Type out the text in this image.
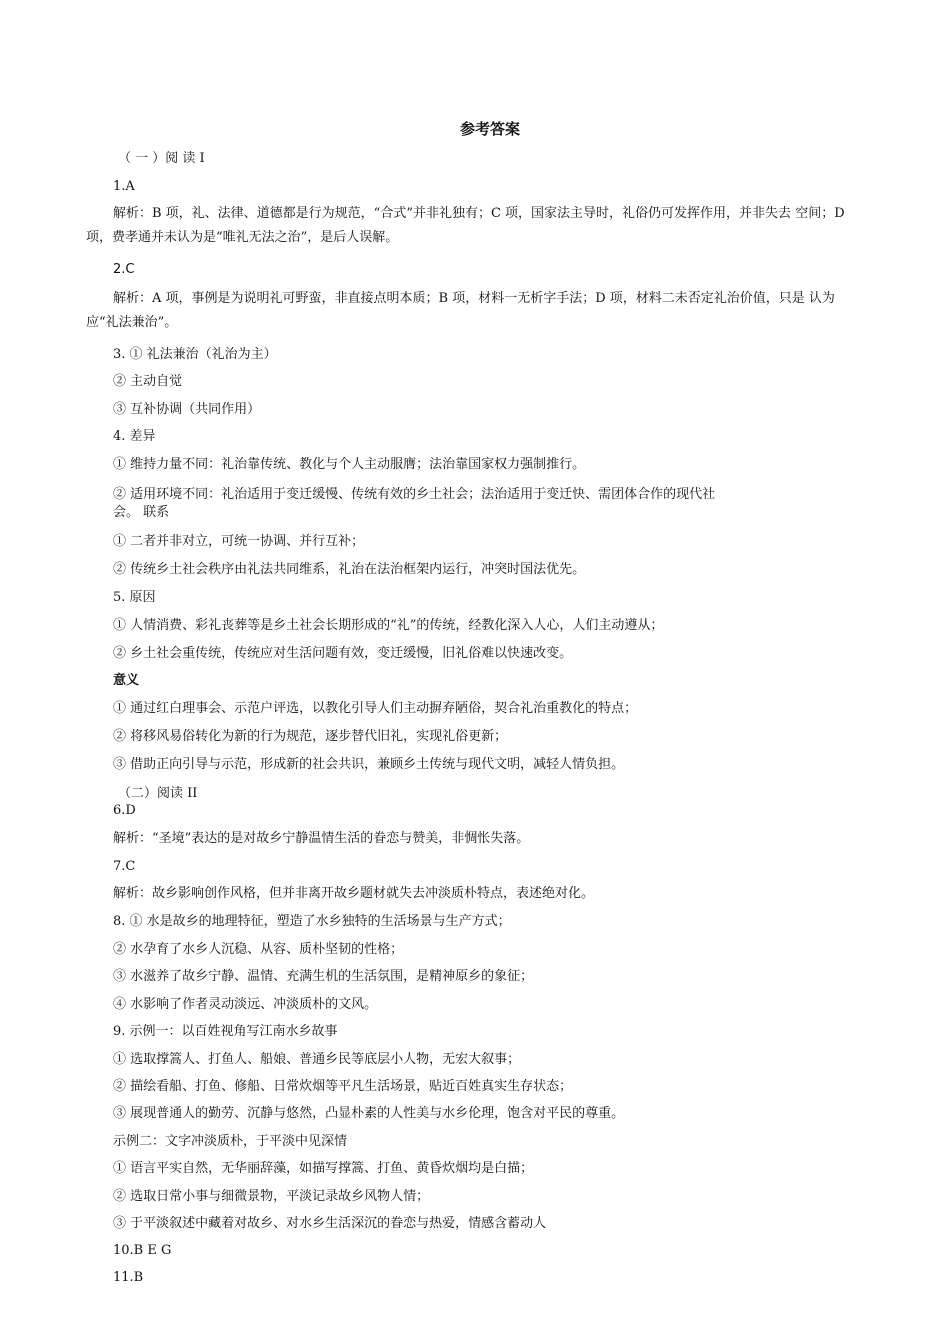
参考答案
（ 一 ）阅 读 I
1.A
解析：B 项，礼、法律、道德都是行为规范，“合式”并非礼独有；C 项，国家法主导时，礼俗仍可发挥作用，并非失去 空间；D 项，费孝通并未认为是“唯礼无法之治”，是后人误解。
2.C
解析：A 项，事例是为说明礼可野蛮，非直接点明本质；B 项，材料一无析字手法；D 项，材料二未否定礼治价值，只是 认为应“礼法兼治”。
3. ① 礼法兼治（礼治为主）
② 主动自觉
③ 互补协调（共同作用）
4. 差异
① 维持力量不同：礼治靠传统、教化与个人主动服膺；法治靠国家权力强制推行。
② 适用环境不同：礼治适用于变迁缓慢、传统有效的乡土社会；法治适用于变迁快、需团体合作的现代社
会。 联系
① 二者并非对立，可统一协调、并行互补；
② 传统乡土社会秩序由礼法共同维系，礼治在法治框架内运行，冲突时国法优先。
5. 原因
① 人情消费、彩礼丧葬等是乡土社会长期形成的“礼”的传统，经教化深入人心，人们主动遵从；
② 乡土社会重传统，传统应对生活问题有效，变迁缓慢，旧礼俗难以快速改变。
意义
① 通过红白理事会、示范户评选，以教化引导人们主动摒弃陋俗，契合礼治重教化的特点；
② 将移风易俗转化为新的行为规范，逐步替代旧礼，实现礼俗更新；
③ 借助正向引导与示范，形成新的社会共识，兼顾乡土传统与现代文明，减轻人情负担。
（二）阅读 II
6.D
解析：“圣境”表达的是对故乡宁静温情生活的眷恋与赞美，非惆怅失落。
7.C
解析：故乡影响创作风格，但并非离开故乡题材就失去冲淡质朴特点，表述绝对化。
8. ① 水是故乡的地理特征，塑造了水乡独特的生活场景与生产方式；
② 水孕育了水乡人沉稳、从容、质朴坚韧的性格；
③ 水滋养了故乡宁静、温情、充满生机的生活氛围，是精神原乡的象征；
④ 水影响了作者灵动淡远、冲淡质朴的文风。
9. 示例一：以百姓视角写江南水乡故事
① 选取撑篙人、打鱼人、船娘、普通乡民等底层小人物，无宏大叙事；
② 描绘看船、打鱼、修船、日常炊烟等平凡生活场景，贴近百姓真实生存状态；
③ 展现普通人的勤劳、沉静与悠然，凸显朴素的人性美与水乡伦理，饱含对平民的尊重。
示例二：文字冲淡质朴，于平淡中见深情
① 语言平实自然，无华丽辞藻，如描写撑篙、打鱼、黄昏炊烟均是白描；
② 选取日常小事与细微景物，平淡记录故乡风物人情；
③ 于平淡叙述中藏着对故乡、对水乡生活深沉的眷恋与热爱，情感含蓄动人
10.B E G
11.B
